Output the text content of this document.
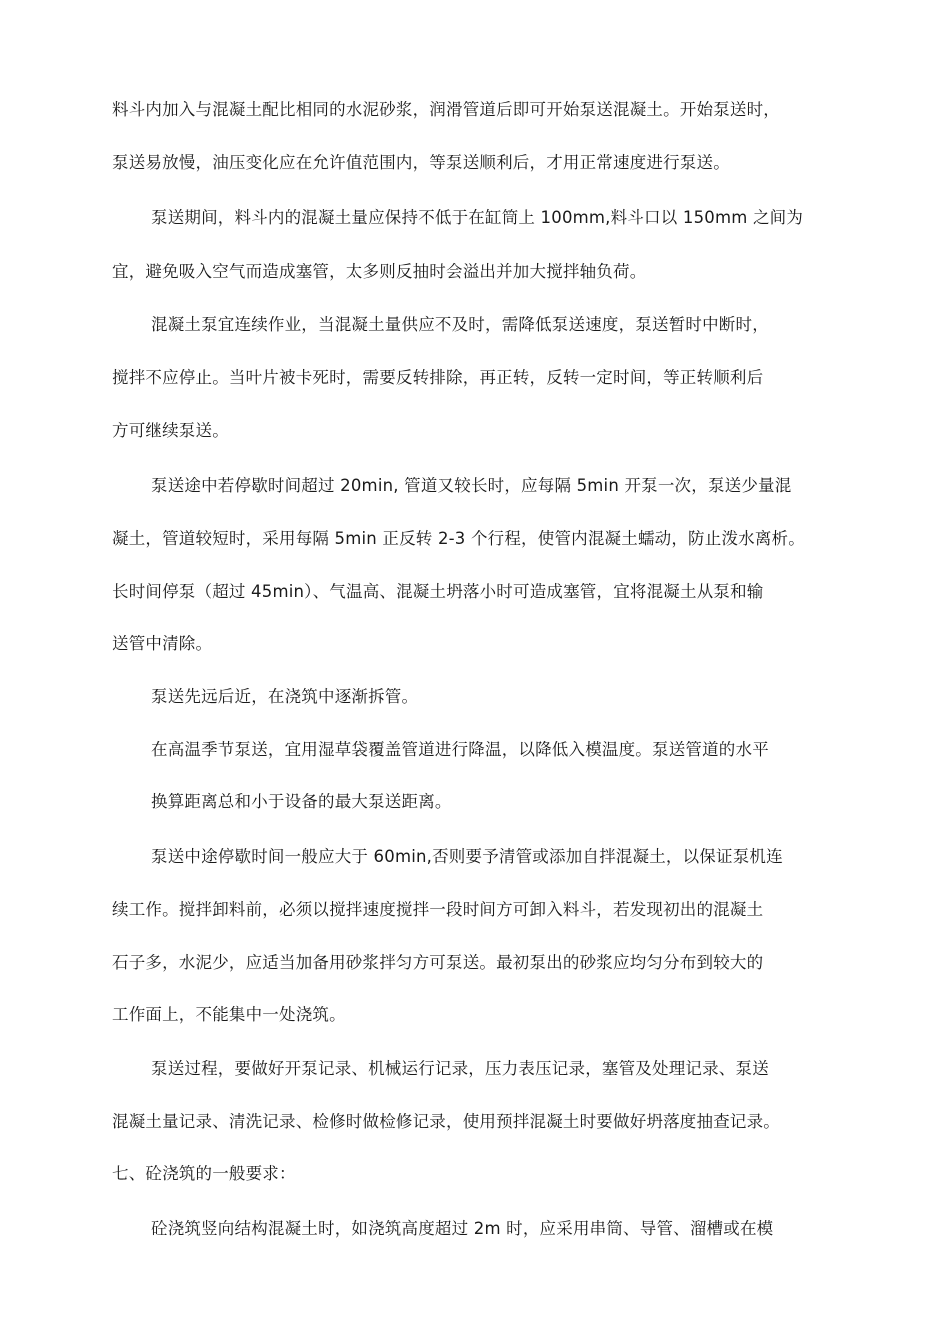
料斗内加入与混凝土配比相同的水泥砂浆，润滑管道后即可开始泵送混凝土。开始泵送时，
泵送易放慢，油压变化应在允许值范围内，等泵送顺利后，才用正常速度进行泵送。
泵送期间，料斗内的混凝土量应保持不低于在缸筒上 100mm,料斗口以 150mm 之间为
宜，避免吸入空气而造成塞管，太多则反抽时会溢出并加大搅拌轴负荷。
混凝土泵宜连续作业，当混凝土量供应不及时，需降低泵送速度，泵送暂时中断时，
搅拌不应停止。当叶片被卡死时，需要反转排除，再正转，反转一定时间，等正转顺利后
方可继续泵送。
泵送途中若停歇时间超过 20min, 管道又较长时，应每隔 5min 开泵一次，泵送少量混
凝土，管道较短时，采用每隔 5min 正反转 2-3 个行程，使管内混凝土蠕动，防止泼水离析。
长时间停泵（超过 45min）、气温高、混凝土坍落小时可造成塞管，宜将混凝土从泵和输
送管中清除。
泵送先远后近，在浇筑中逐渐拆管。
在高温季节泵送，宜用湿草袋覆盖管道进行降温，以降低入模温度。泵送管道的水平
换算距离总和小于设备的最大泵送距离。
泵送中途停歇时间一般应大于 60min,否则要予清管或添加自拌混凝土，以保证泵机连
续工作。搅拌卸料前，必须以搅拌速度搅拌一段时间方可卸入料斗，若发现初出的混凝土
石子多，水泥少，应适当加备用砂浆拌匀方可泵送。最初泵出的砂浆应均匀分布到较大的
工作面上，不能集中一处浇筑。
泵送过程，要做好开泵记录、机械运行记录，压力表压记录，塞管及处理记录、泵送
混凝土量记录、清洗记录、检修时做检修记录，使用预拌混凝土时要做好坍落度抽查记录。
七、砼浇筑的一般要求：
砼浇筑竖向结构混凝土时，如浇筑高度超过 2m 时，应采用串筒、导管、溜槽或在模
